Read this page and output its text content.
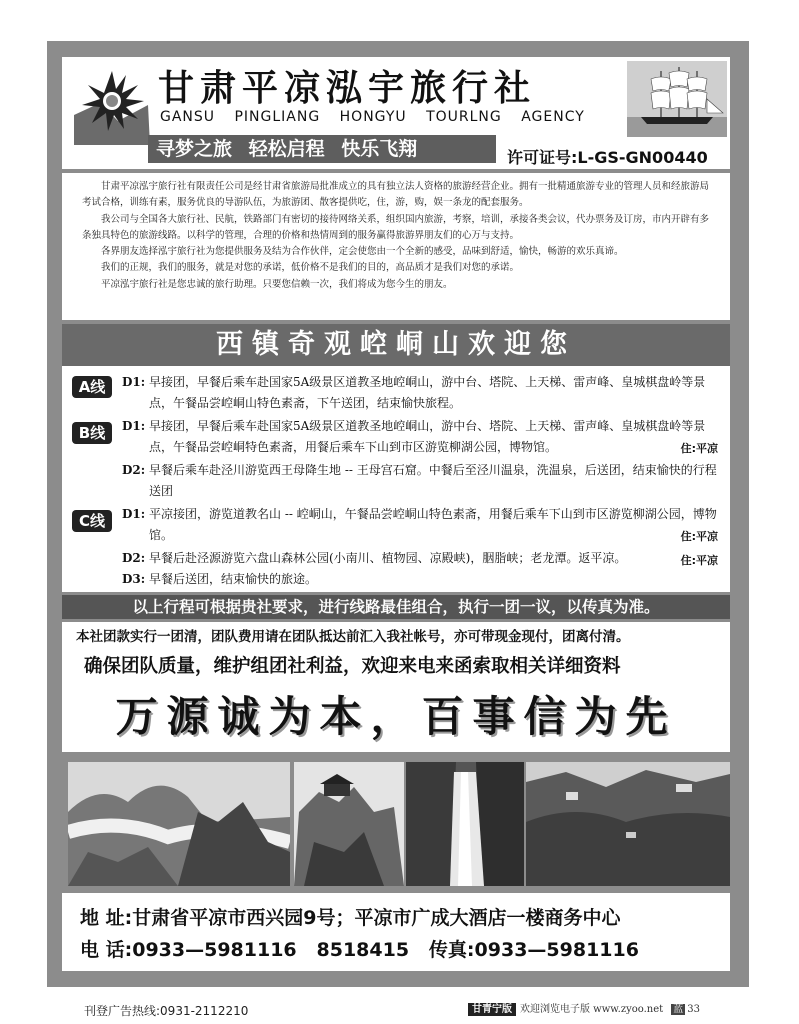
甘肃平凉泓宇旅行社
GANSU PINGLIANG HONGYU TOURLNG AGENCY
寻梦之旅 轻松启程 快乐飞翔	许可证号:L-GS-GN00440

甘肃平凉泓宇旅行社有限责任公司是经甘肃省旅游局批准成立的具有独立法人资格的旅游经营企业。拥有一批精通旅游专业的管理人员和经旅游局考试合格，训练有素，服务优良的导游队伍，为旅游团、散客提供吃，住，游，购，娱一条龙的配套服务。

我公司与全国各大旅行社、民航，铁路部门有密切的接待网络关系，组织国内旅游，考察，培训，承接各类会议，代办票务及订房，市内开辟有多条独具特色的旅游线路。以科学的管理，合理的价格和热情周到的服务赢得旅游界朋友们的心万与支持。

各界朋友选择泓宇旅行社为您提供服务及结为合作伙伴，定会使您由一个全新的感受，品味到舒适，愉快，畅游的欢乐真谛。

我们的正规，我们的服务，就是对您的承诺，低价格不是我们的目的，高品质才是我们对您的承诺。

平凉泓宇旅行社是您忠诚的旅行助理。只要您信赖一次，我们将成为您今生的朋友。

西镇奇观崆峒山欢迎您
A线	D1: 早接团，早餐后乘车赴国家5A级景区道教圣地崆峒山，游中台、塔院、上天梯、雷声峰、皇城棋盘岭等景点，午餐品尝崆峒山特色素斋，下午送团，结束愉快旅程。
B线	D1: 早接团，早餐后乘车赴国家5A级景区道教圣地崆峒山，游中台、塔院、上天梯、雷声峰、皇城棋盘岭等景点，午餐品尝崆峒特色素斋，用餐后乘车下山到市区游览柳湖公园，博物馆。	住:平凉
D2: 早餐后乘车赴泾川游览西王母降生地 -- 王母宫石窟。中餐后至泾川温泉，洗温泉，后送团，结束愉快的行程送团
C线	D1: 平凉接团，游览道教名山 -- 崆峒山，午餐品尝崆峒山特色素斋，用餐后乘车下山到市区游览柳湖公园，博物馆。	住:平凉
D2: 早餐后赴泾源游览六盘山森林公园(小南川、植物园、凉殿峡)，胭脂峡；老龙潭。返平凉。	住:平凉
D3: 早餐后送团，结束愉快的旅途。
以上行程可根据贵社要求，进行线路最佳组合，执行一团一议，以传真为准。
本社团款实行一团清，团队费用请在团队抵达前汇入我社帐号，亦可带现金现付，团离付清。
确保团队质量，维护组团社利益，欢迎来电来函索取相关详细资料
万源诚为本，百事信为先
地 址:甘肃省平凉市西兴园9号；平凉市广成大酒店一楼商务中心
电 话:0933—5981116 8518415 传真:0933—5981116
刊登广告热线:0931-2112210	甘青宁版 欢迎浏览电子版 www.zyoo.net 蓝 33
